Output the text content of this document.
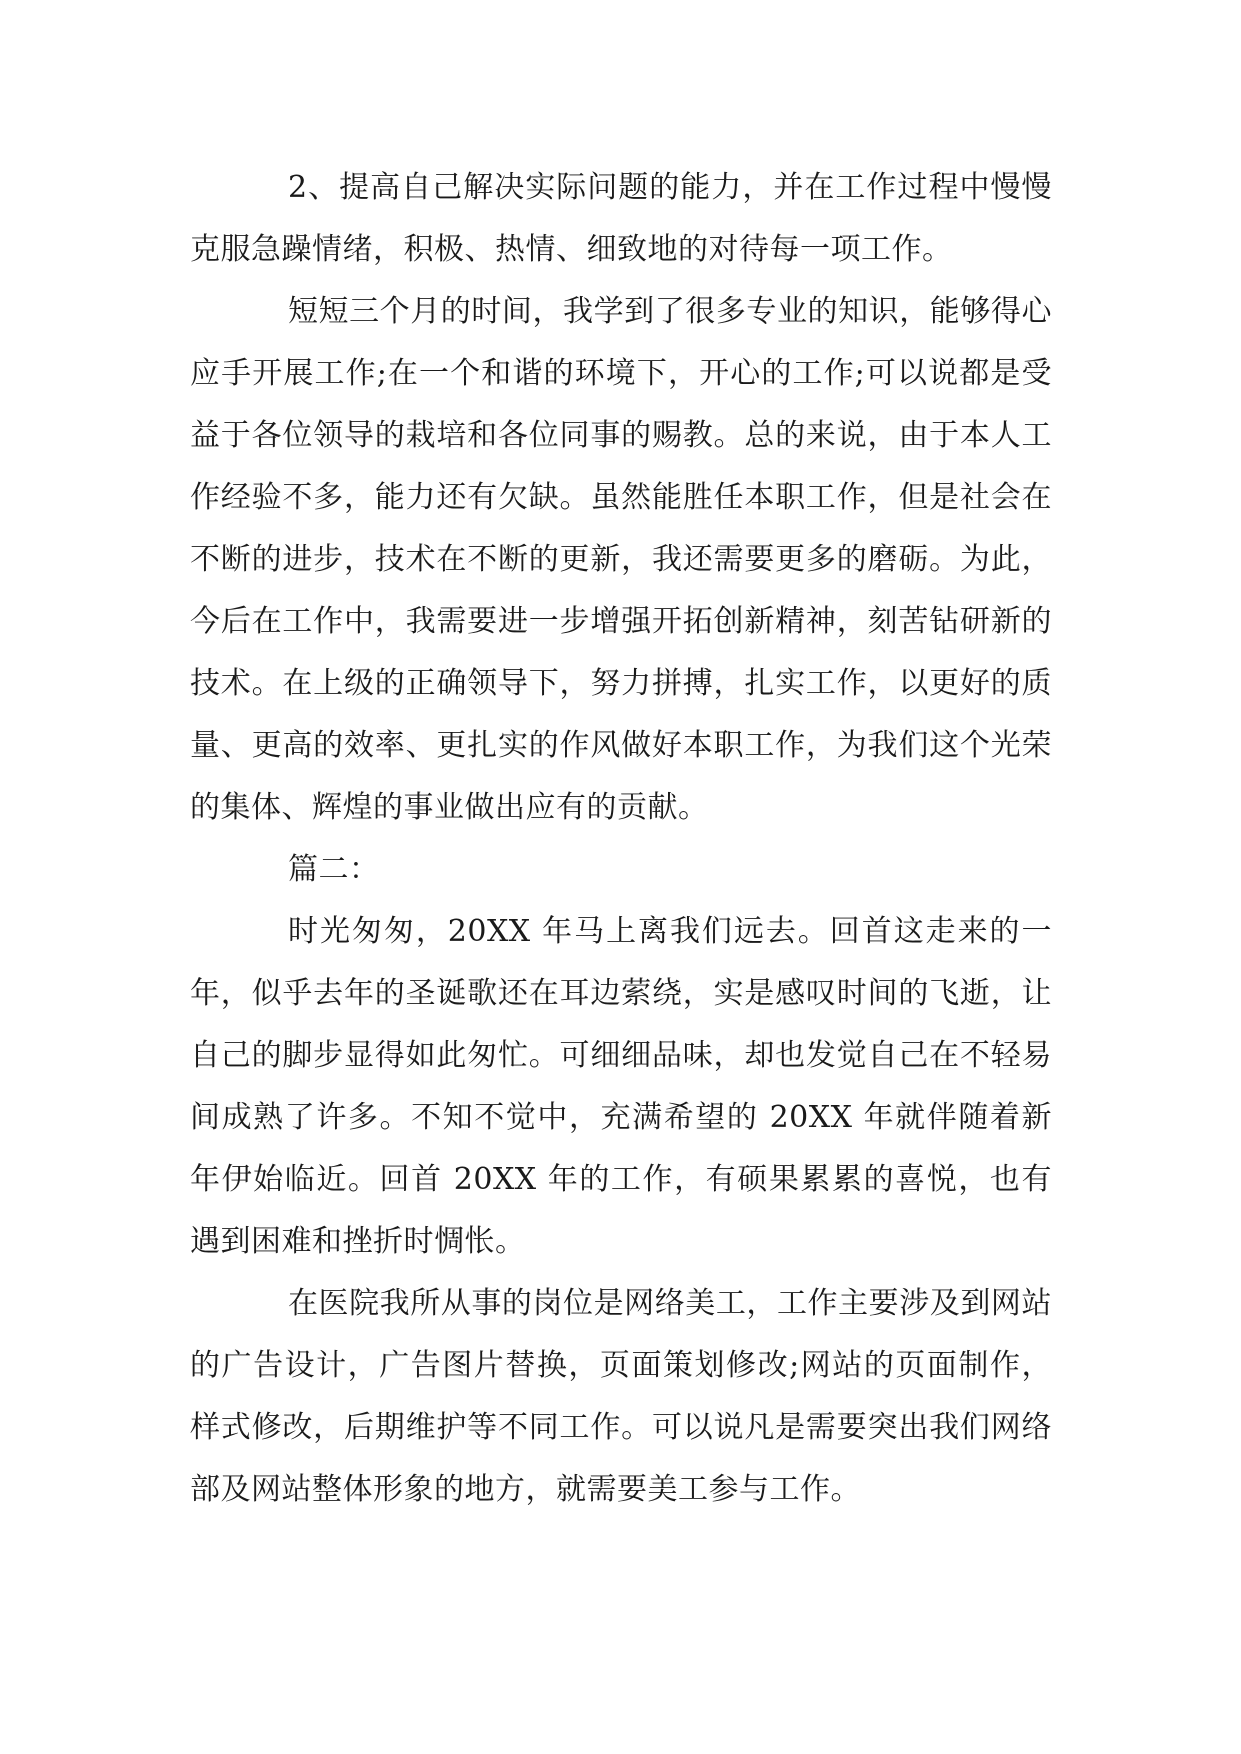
2、提高自己解决实际问题的能力，并在工作过程中慢慢克服急躁情绪，积极、热情、细致地的对待每一项工作。

短短三个月的时间，我学到了很多专业的知识，能够得心应手开展工作;在一个和谐的环境下，开心的工作;可以说都是受益于各位领导的栽培和各位同事的赐教。总的来说，由于本人工作经验不多，能力还有欠缺。虽然能胜任本职工作，但是社会在不断的进步，技术在不断的更新，我还需要更多的磨砺。为此，今后在工作中，我需要进一步增强开拓创新精神，刻苦钻研新的技术。在上级的正确领导下，努力拼搏，扎实工作，以更好的质量、更高的效率、更扎实的作风做好本职工作，为我们这个光荣的集体、辉煌的事业做出应有的贡献。

篇二：

时光匆匆，20XX 年马上离我们远去。回首这走来的一年，似乎去年的圣诞歌还在耳边萦绕，实是感叹时间的飞逝，让自己的脚步显得如此匆忙。可细细品味，却也发觉自己在不轻易间成熟了许多。不知不觉中，充满希望的 20XX 年就伴随着新年伊始临近。回首 20XX 年的工作，有硕果累累的喜悦，也有遇到困难和挫折时惆怅。

在医院我所从事的岗位是网络美工，工作主要涉及到网站的广告设计，广告图片替换，页面策划修改;网站的页面制作，样式修改，后期维护等不同工作。可以说凡是需要突出我们网络部及网站整体形象的地方，就需要美工参与工作。
